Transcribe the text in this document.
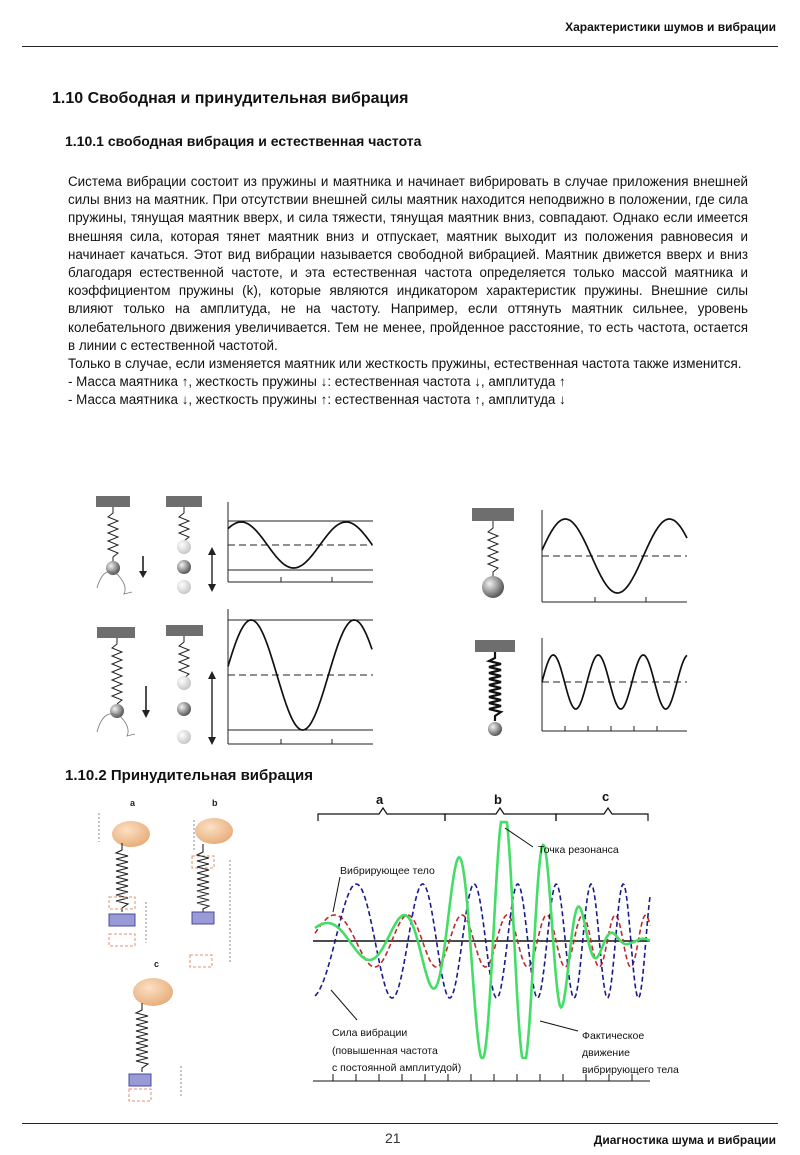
Характеристики шумов и вибрации
1.10 Свободная и принудительная вибрация
1.10.1 свободная вибрация и естественная частота

Система вибрации состоит из пружины и маятника и начинает вибрировать в случае приложения внешней силы вниз на маятник. При отсутствии внешней силы маятник находится неподвижно в положении, где сила пружины, тянущая маятник вверх, и сила тяжести, тянущая маятник вниз, совпадают. Однако если имеется внешняя сила, которая тянет маятник вниз и отпускает, маятник выходит из положения равновесия и начинает качаться. Этот вид вибрации называется свободной вибрацией. Маятник движется вверх и вниз благодаря естественной частоте, и эта естественная частота определяется только массой маятника и коэффициентом пружины (k), которые являются индикатором характеристик пружины. Внешние силы влияют только на амплитуда, не на частоту. Например, если оттянуть маятник сильнее, уровень колебательного движения увеличивается. Тем не менее, пройденное расстояние, то есть частота, остается в линии с естественной частотой.

Только в случае, если изменяется маятник или жесткость пружины, естественная частота также изменится.

- Масса маятника ↑, жесткость пружины ↓: естественная частота ↓, амплитуда ↑

- Масса маятника ↓, жесткость пружины ↑: естественная частота ↑, амплитуда ↓

1.10.2 Принудительная вибрация
a	b
c
a	b	c
Точка резонанса
Вибрирующее тело
Сила вибрации
(повышенная частота
с постоянной амплитудой)
Фактическое
движение
вибрирующего тела
21	Диагностика шума и вибрации
